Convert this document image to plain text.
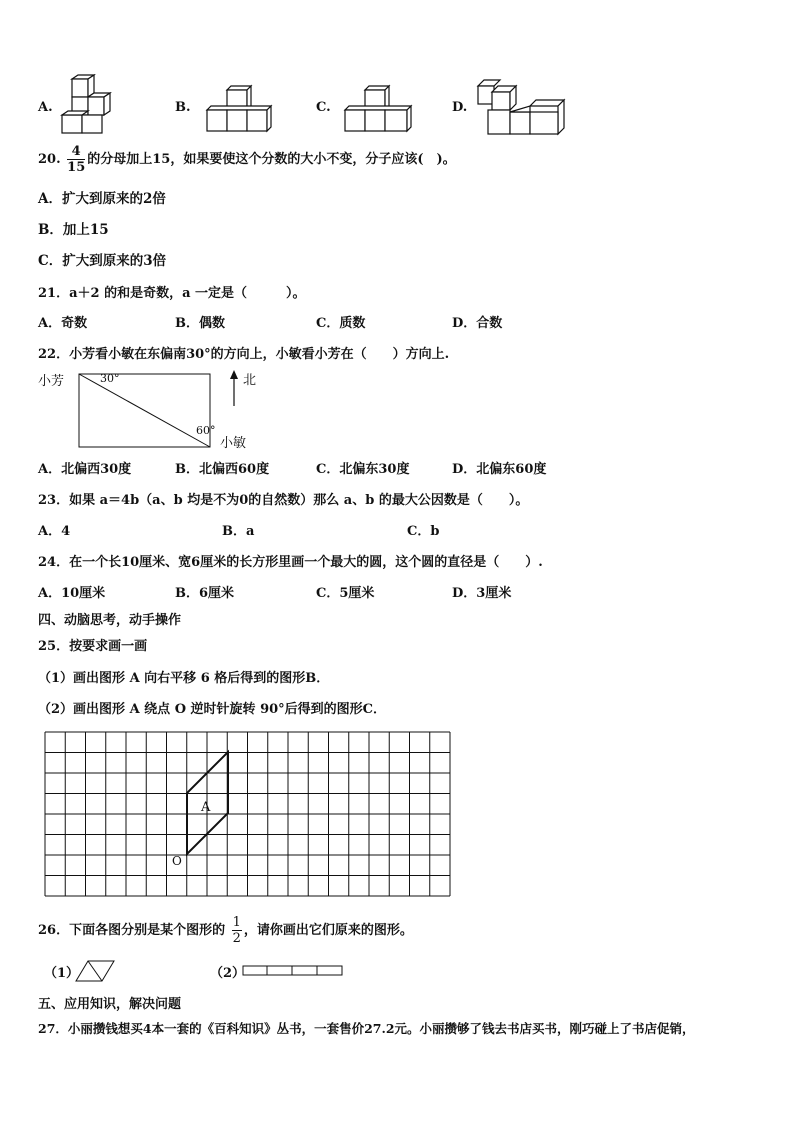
A.	B.	C.	D.
20. $\frac{4}{15}$ 的分母加上15，如果要使这个分数的大小不变，分子应该(　)。
A．扩大到原来的2倍
B．加上15
C．扩大到原来的3倍
21．a＋2 的和是奇数，a 一定是（　　　）。
A．奇数	B．偶数	C．质数	D．合数
22．小芳看小敏在东偏南30°的方向上，小敏看小芳在（　　）方向上.
小芳	30°	北
60°
小敏
A．北偏西30度	B．北偏西60度	C．北偏东30度	D．北偏东60度
23．如果 a＝4b（a、b 均是不为0的自然数）那么 a、b 的最大公因数是（　　）。
A．4	B．a	C．b
24．在一个长10厘米、宽6厘米的长方形里画一个最大的圆，这个圆的直径是（　　）.
A．10厘米	B．6厘米	C．5厘米	D．3厘米
四、动脑思考，动手操作
25．按要求画一画
（1）画出图形 A 向右平移 6 格后得到的图形B．
（2）画出图形 A 绕点 O 逆时针旋转 90°后得到的图形C．
A
O
26．下面各图分别是某个图形的 $\frac{1}{2}$ ，请你画出它们原来的图形。
（1）	（2）
五、应用知识，解决问题
27．小丽攒钱想买4本一套的《百科知识》丛书，一套售价27.2元。小丽攒够了钱去书店买书，刚巧碰上了书店促销，
